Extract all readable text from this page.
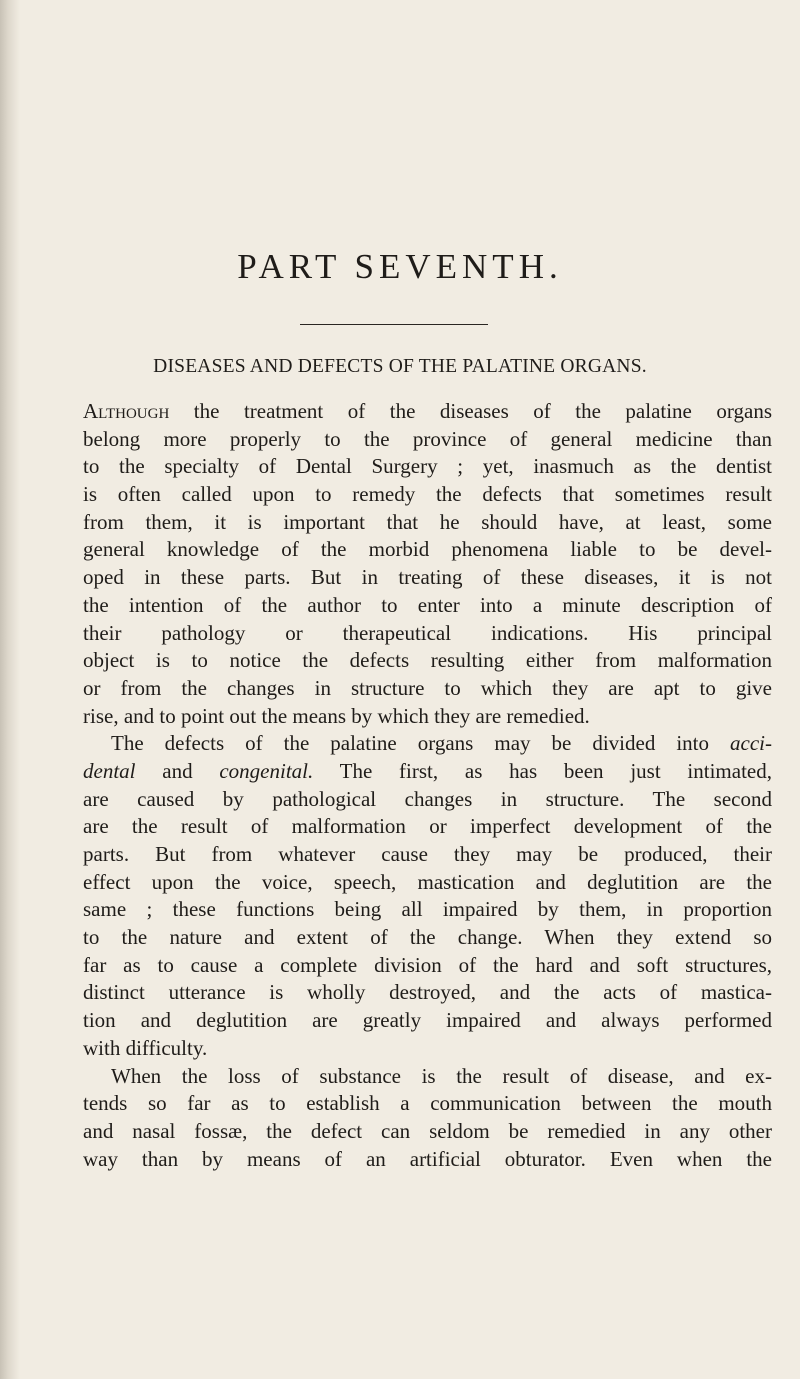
PART SEVENTH.
DISEASES AND DEFECTS OF THE PALATINE ORGANS.
Although the treatment of the diseases of the palatine organs
belong more properly to the province of general medicine than
to the specialty of Dental Surgery ; yet, inasmuch as the dentist
is often called upon to remedy the defects that sometimes result
from them, it is important that he should have, at least, some
general knowledge of the morbid phenomena liable to be devel-
oped in these parts. But in treating of these diseases, it is not
the intention of the author to enter into a minute description of
their pathology or therapeutical indications. His principal
object is to notice the defects resulting either from malformation
or from the changes in structure to which they are apt to give
rise, and to point out the means by which they are remedied.
The defects of the palatine organs may be divided into acci-
dental and congenital. The first, as has been just intimated,
are caused by pathological changes in structure. The second
are the result of malformation or imperfect development of the
parts. But from whatever cause they may be produced, their
effect upon the voice, speech, mastication and deglutition are the
same ; these functions being all impaired by them, in proportion
to the nature and extent of the change. When they extend so
far as to cause a complete division of the hard and soft structures,
distinct utterance is wholly destroyed, and the acts of mastica-
tion and deglutition are greatly impaired and always performed
with difficulty.
When the loss of substance is the result of disease, and ex-
tends so far as to establish a communication between the mouth
and nasal fossæ, the defect can seldom be remedied in any other
way than by means of an artificial obturator. Even when the
